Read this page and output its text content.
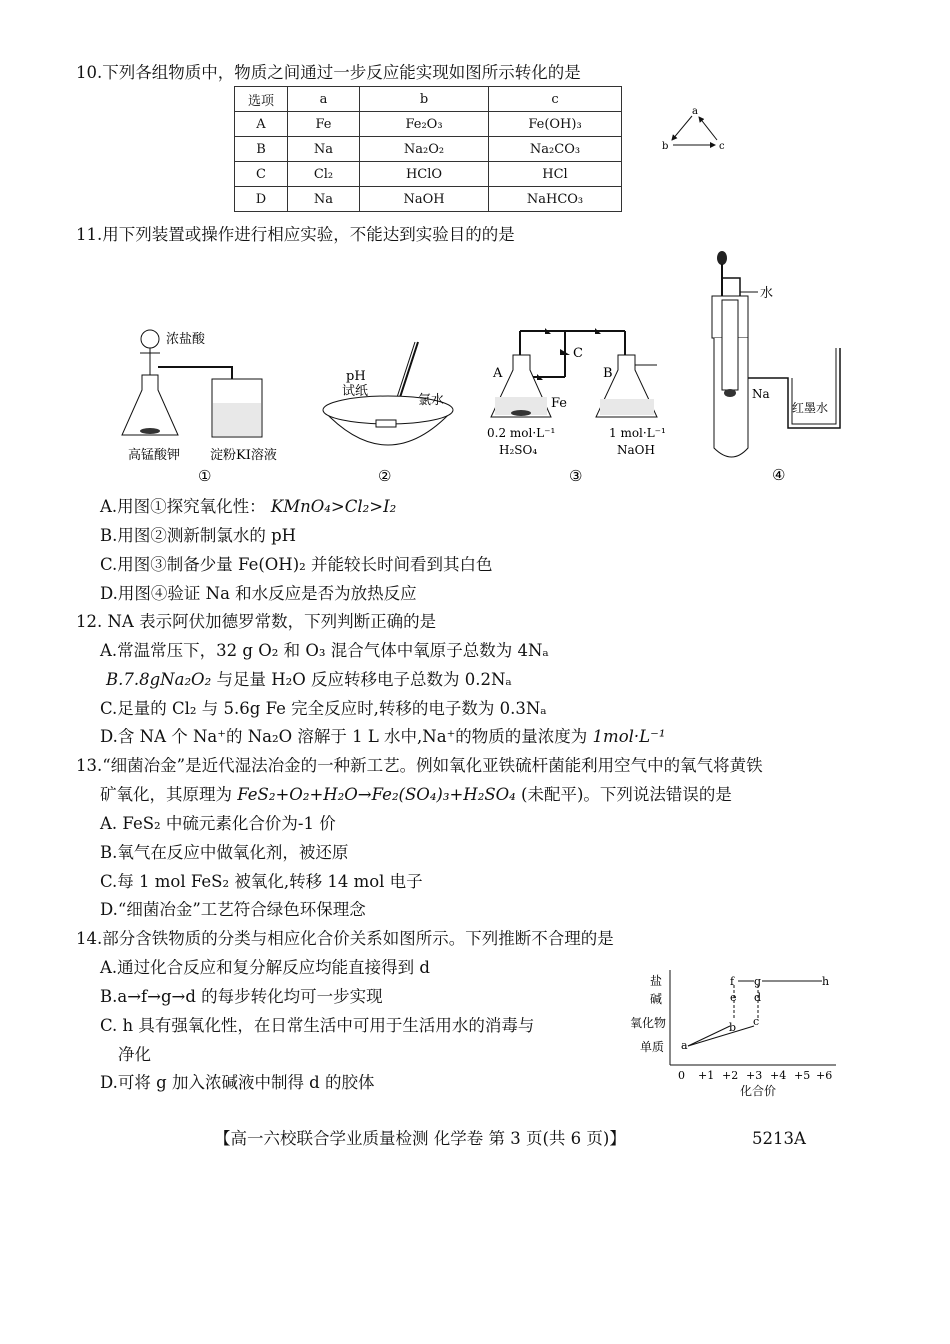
10.下列各组物质中，物质之间通过一步反应能实现如图所示转化的是
选项	a	b	c
A	Fe	Fe₂O₃	Fe(OH)₃
B	Na	Na₂O₂	Na₂CO₃
C	Cl₂	HClO	HCl
D	Na	NaOH	NaHCO₃
a
b	c
11.用下列装置或操作进行相应实验，不能达到实验目的的是
浓盐酸
高锰酸钾 淀粉KI溶液
①
pH
试纸
氯水
②
C
A	B
Fe
0.2 mol·L⁻¹
H₂SO₄
1 mol·L⁻¹
NaOH
③
水
Na
红墨水
④
A.用图①探究氧化性： KMnO₄>Cl₂>I₂
B.用图②测新制氯水的 pH
C.用图③制备少量 Fe(OH)₂ 并能较长时间看到其白色
D.用图④验证 Na 和水反应是否为放热反应
12. NA 表示阿伏加德罗常数，下列判断正确的是
A.常温常压下，32 g O₂ 和 O₃ 混合气体中氧原子总数为 4Nₐ
B.7.8gNa₂O₂ 与足量 H₂O 反应转移电子总数为 0.2Nₐ
C.足量的 Cl₂ 与 5.6g Fe 完全反应时,转移的电子数为 0.3Nₐ
D.含 NA 个 Na⁺的 Na₂O 溶解于 1 L 水中,Na⁺的物质的量浓度为 1mol·L⁻¹
13.“细菌冶金”是近代湿法冶金的一种新工艺。例如氧化亚铁硫杆菌能利用空气中的氧气将黄铁
矿氧化，其原理为 FeS₂+O₂+H₂O→Fe₂(SO₄)₃+H₂SO₄ (未配平)。下列说法错误的是
A. FeS₂ 中硫元素化合价为-1 价
B.氧气在反应中做氧化剂，被还原
C.每 1 mol FeS₂ 被氧化,转移 14 mol 电子
D.“细菌冶金”工艺符合绿色环保理念
14.部分含铁物质的分类与相应化合价关系如图所示。下列推断不合理的是
A.通过化合反应和复分解反应均能直接得到 d
B.a→f→g→d 的每步转化均可一步实现
C. h 具有强氧化性，在日常生活中可用于生活用水的消毒与
净化
D.可将 g 加入浓碱液中制得 d 的胶体
盐
碱
氧化物
单质
0 +1 +2 +3 +4 +5 +6
化合价
a
b c
d
e
f g	h
【高一六校联合学业质量检测 化学卷 第 3 页(共 6 页)】	5213A
